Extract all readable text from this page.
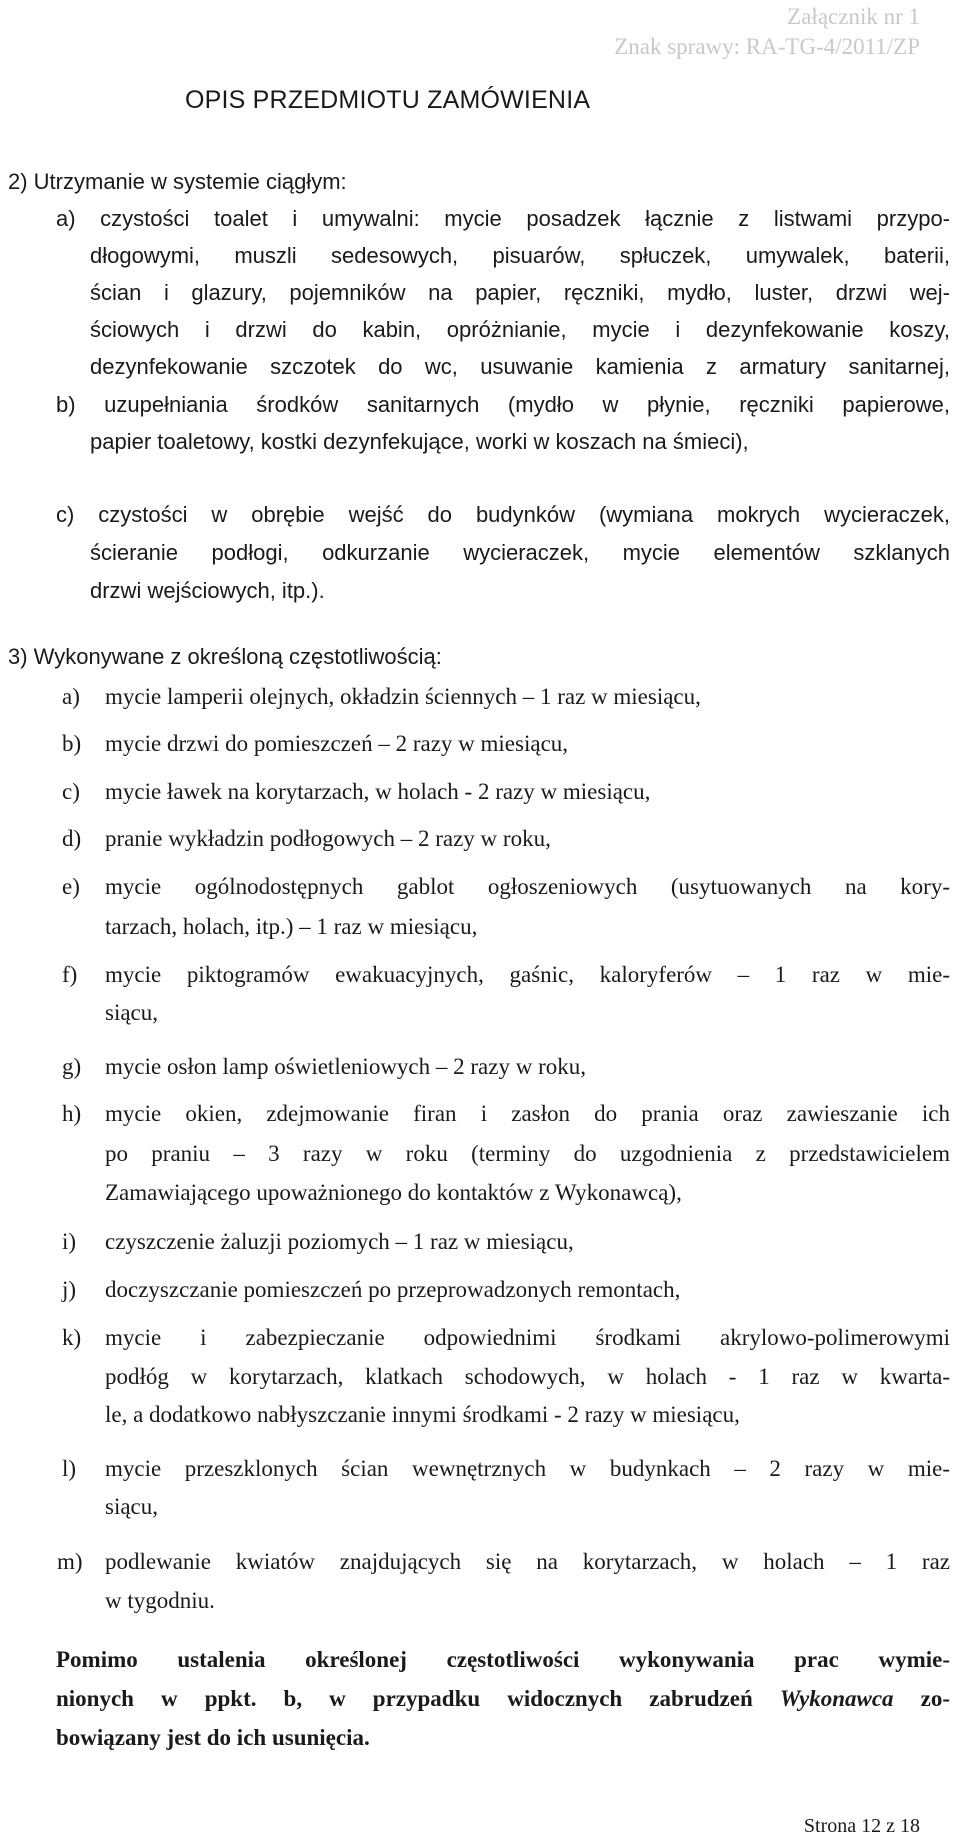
Załącznik nr 1
Znak sprawy: RA-TG-4/2011/ZP
OPIS PRZEDMIOTU ZAMÓWIENIA
2) Utrzymanie w systemie ciągłym:
a) czystości toalet i umywalni: mycie posadzek łącznie z listwami przypo-
dłogowymi, muszli sedesowych, pisuarów, spłuczek, umywalek, baterii,
ścian i glazury, pojemników na papier, ręczniki, mydło, luster, drzwi wej-
ściowych i drzwi do kabin, opróżnianie, mycie i dezynfekowanie koszy,
dezynfekowanie szczotek do wc, usuwanie kamienia z armatury sanitarnej,
b) uzupełniania środków sanitarnych (mydło w płynie, ręczniki papierowe,
papier toaletowy, kostki dezynfekujące, worki w koszach na śmieci),
c) czystości w obrębie wejść do budynków (wymiana mokrych wycieraczek,
ścieranie podłogi, odkurzanie wycieraczek, mycie elementów szklanych
drzwi wejściowych, itp.).
3) Wykonywane z określoną częstotliwością:
a) mycie lamperii olejnych, okładzin ściennych – 1 raz w miesiącu,
b) mycie drzwi do pomieszczeń – 2 razy w miesiącu,
c) mycie ławek na korytarzach, w holach - 2 razy w miesiącu,
d) pranie wykładzin podłogowych – 2 razy w roku,
e) mycie ogólnodostępnych gablot ogłoszeniowych (usytuowanych na kory-
tarzach, holach, itp.) – 1 raz w miesiącu,
f) mycie piktogramów ewakuacyjnych, gaśnic, kaloryferów – 1 raz w mie-
siącu,
g) mycie osłon lamp oświetleniowych – 2 razy w roku,
h) mycie okien, zdejmowanie firan i zasłon do prania oraz zawieszanie ich
po praniu – 3 razy w roku (terminy do uzgodnienia z przedstawicielem
Zamawiającego upoważnionego do kontaktów z Wykonawcą),
i) czyszczenie żaluzji poziomych – 1 raz w miesiącu,
j) doczyszczanie pomieszczeń po przeprowadzonych remontach,
k) mycie i zabezpieczanie odpowiednimi środkami akrylowo-polimerowymi
podłóg w korytarzach, klatkach schodowych, w holach - 1 raz w kwarta-
le, a dodatkowo nabłyszczanie innymi środkami - 2 razy w miesiącu,
l) mycie przeszklonych ścian wewnętrznych w budynkach – 2 razy w mie-
siącu,
m) podlewanie kwiatów znajdujących się na korytarzach, w holach – 1 raz
w tygodniu.
Pomimo ustalenia określonej częstotliwości wykonywania prac wymie-
nionych w ppkt. b, w przypadku widocznych zabrudzeń Wykonawca zo-
bowiązany jest do ich usunięcia.
Strona 12 z 18
